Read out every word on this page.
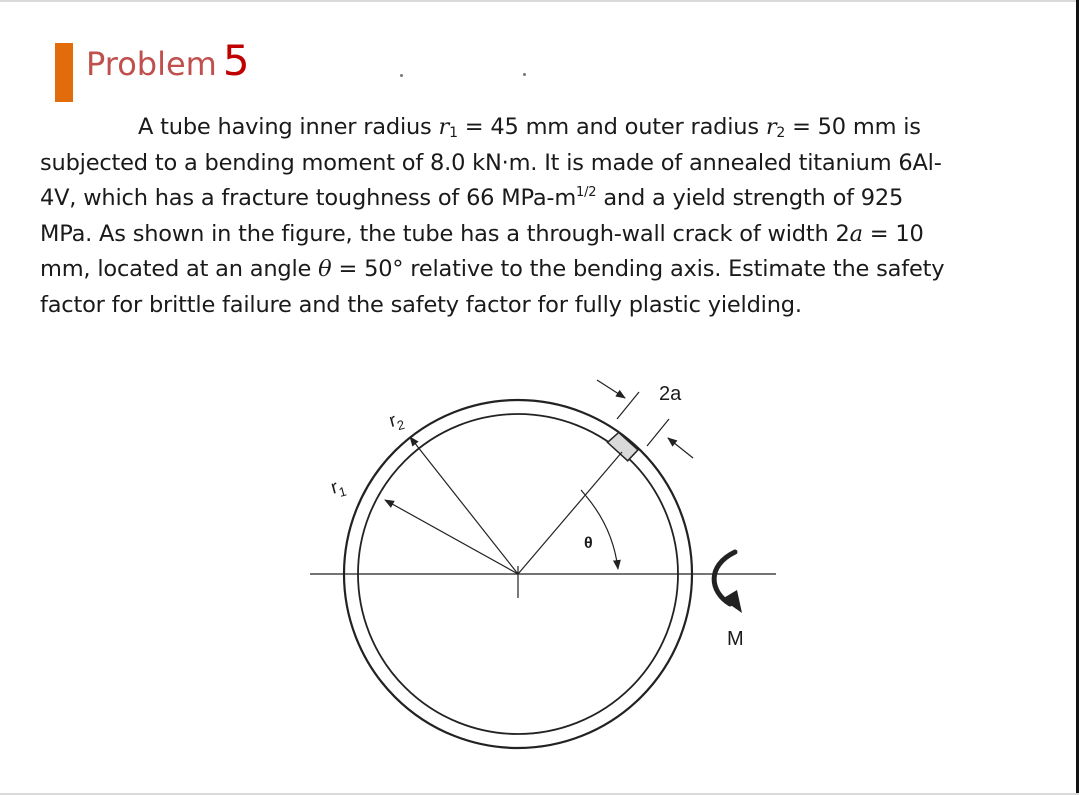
Problem 5
A tube having inner radius $r_1 = 45$ mm and outer radius $r_2 = 50$ mm is
subjected to a bending moment of 8.0 kN·m. It is made of annealed titanium 6Al-
4V, which has a fracture toughness of 66 MPa-$m^{1/2}$ and a yield strength of 925
MPa. As shown in the figure, the tube has a through-wall crack of width 2a = 10
mm, located at an angle θ = 50° relative to the bending axis. Estimate the safety
factor for brittle failure and the safety factor for fully plastic yielding.
$r_2$
$r_1$
θ
2a
M
